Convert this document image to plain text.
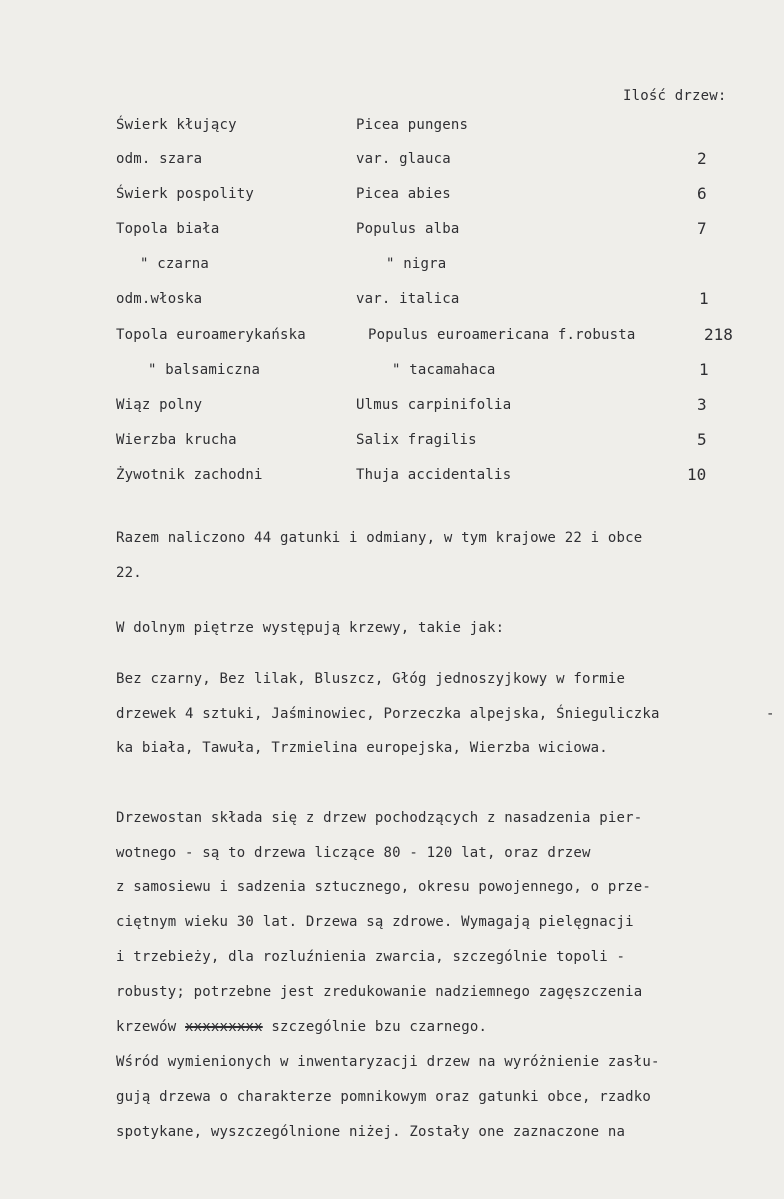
Ilość drzew:
Świerk kłujący	Picea pungens
odm. szara	var. glauca	2
Świerk pospolity	Picea abies	6
Topola biała	Populus alba	7
" czarna	" nigra
odm.włoska	var. italica	1
Topola euroamerykańska	Populus euroamericana f.robusta	218
" balsamiczna	" tacamahaca	1
Wiąz polny	Ulmus carpinifolia	3
Wierzba krucha	Salix fragilis	5
Żywotnik zachodni	Thuja accidentalis	10
Razem naliczono 44 gatunki i odmiany, w tym krajowe 22 i obce
22.
W dolnym piętrze występują krzewy, takie jak:
Bez czarny, Bez lilak, Bluszcz, Głóg jednoszyjkowy w formie
drzewek 4 sztuki, Jaśminowiec, Porzeczka alpejska, Śnieguliczka	-
ka biała, Tawuła, Trzmielina europejska, Wierzba wiciowa.
Drzewostan składa się z drzew pochodzących z nasadzenia pier-
wotnego - są to drzewa liczące 80 - 120 lat, oraz drzew
z samosiewu i sadzenia sztucznego, okresu powojennego, o prze-
ciętnym wieku 30 lat. Drzewa są zdrowe. Wymagają pielęgnacji
i trzebieży, dla rozluźnienia zwarcia, szczególnie topoli -
robusty; potrzebne jest zredukowanie nadziemnego zagęszczenia
krzewów xxxxxxxxx szczególnie bzu czarnego.
Wśród wymienionych w inwentaryzacji drzew na wyróżnienie zasłu-
gują drzewa o charakterze pomnikowym oraz gatunki obce, rzadko
spotykane, wyszczególnione niżej. Zostały one zaznaczone na
